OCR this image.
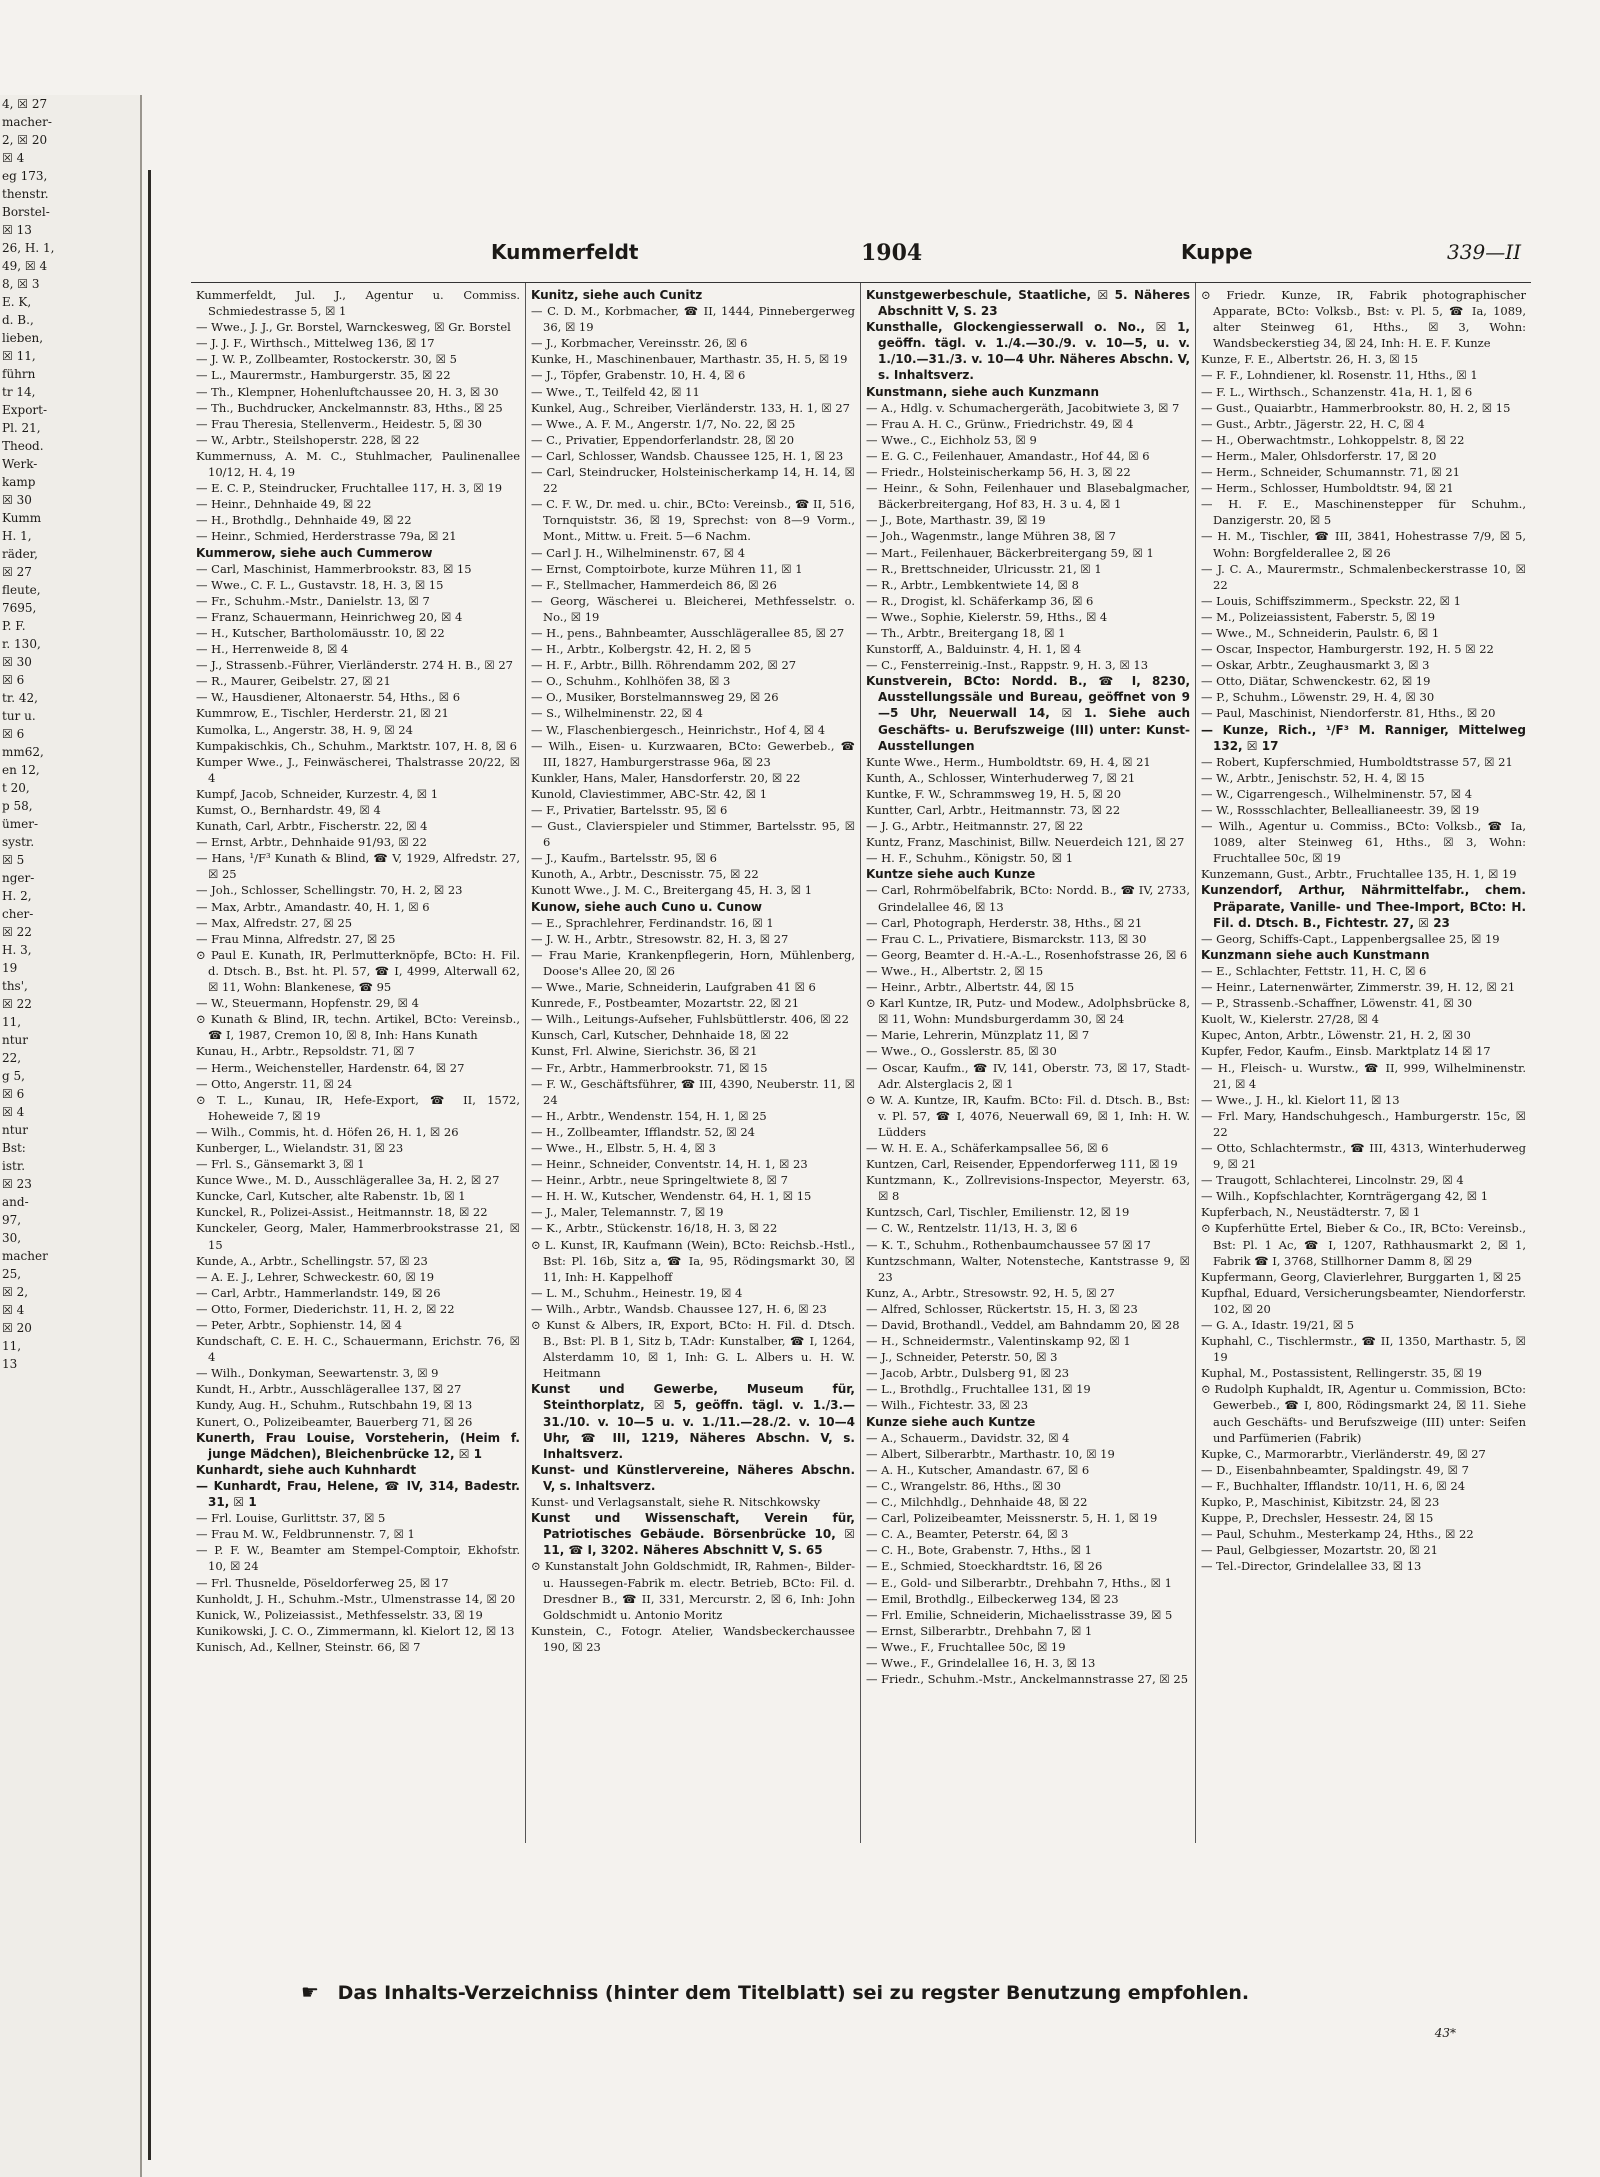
4, ☒ 27
macher-
2, ☒ 20
☒ 4
eg 173,
thenstr.
Borstel-
☒ 13
26, H. 1,
49, ☒ 4
8, ☒ 3
E. K,
d. B.,
lieben,
☒ 11,
führn
tr 14,
Export-
Pl. 21,
Theod.
Werk-
kamp
☒ 30
Kumm
H. 1,
räder,
☒ 27
fleute,
7695,
P. F.
r. 130,
☒ 30
☒ 6
tr. 42,
tur u.
☒ 6
mm62,
en 12,
t 20,
p 58,
ümer-
systr.
☒ 5
nger-
H. 2,
cher-
☒ 22
H. 3,
19
ths',
☒ 22
11,
ntur
22,
g 5,
☒ 6
☒ 4
ntur
Bst:
istr.
☒ 23
and-
97,
30,
macher
25,
☒ 2,
☒ 4
☒ 20
11,
13
Kummerfeldt	1904	Kuppe	339—II
Kummerfeldt, Jul. J., Agentur u. Commiss. Schmiedestrasse 5, ☒ 1
— Wwe., J. J., Gr. Borstel, Warnckesweg, ☒ Gr. Borstel
— J. J. F., Wirthsch., Mittelweg 136, ☒ 17
— J. W. P., Zollbeamter, Rostockerstr. 30, ☒ 5
— L., Maurermstr., Hamburgerstr. 35, ☒ 22
— Th., Klempner, Hohenluftchaussee 20, H. 3, ☒ 30
— Th., Buchdrucker, Anckelmannstr. 83, Hths., ☒ 25
— Frau Theresia, Stellenverm., Heidestr. 5, ☒ 30
— W., Arbtr., Steilshoperstr. 228, ☒ 22
Kummernuss, A. M. C., Stuhlmacher, Paulinenallee 10/12, H. 4, 19
— E. C. P., Steindrucker, Fruchtallee 117, H. 3, ☒ 19
— Heinr., Dehnhaide 49, ☒ 22
— H., Brothdlg., Dehnhaide 49, ☒ 22
— Heinr., Schmied, Herderstrasse 79a, ☒ 21
Kummerow, siehe auch Cummerow
— Carl, Maschinist, Hammerbrookstr. 83, ☒ 15
— Wwe., C. F. L., Gustavstr. 18, H. 3, ☒ 15
— Fr., Schuhm.-Mstr., Danielstr. 13, ☒ 7
— Franz, Schauermann, Heinrichweg 20, ☒ 4
— H., Kutscher, Bartholomäusstr. 10, ☒ 22
— H., Herrenweide 8, ☒ 4
— J., Strassenb.-Führer, Vierländerstr. 274 H. B., ☒ 27
— R., Maurer, Geibelstr. 27, ☒ 21
— W., Hausdiener, Altonaerstr. 54, Hths., ☒ 6
Kummrow, E., Tischler, Herderstr. 21, ☒ 21
Kumolka, L., Angerstr. 38, H. 9, ☒ 24
Kumpakischkis, Ch., Schuhm., Marktstr. 107, H. 8, ☒ 6
Kumper Wwe., J., Feinwäscherei, Thalstrasse 20/22, ☒ 4
Kumpf, Jacob, Schneider, Kurzestr. 4, ☒ 1
Kumst, O., Bernhardstr. 49, ☒ 4
Kunath, Carl, Arbtr., Fischerstr. 22, ☒ 4
— Ernst, Arbtr., Dehnhaide 91/93, ☒ 22
— Hans, ¹/F³ Kunath & Blind, ☎ V, 1929, Alfredstr. 27, ☒ 25
— Joh., Schlosser, Schellingstr. 70, H. 2, ☒ 23
— Max, Arbtr., Amandastr. 40, H. 1, ☒ 6
— Max, Alfredstr. 27, ☒ 25
— Frau Minna, Alfredstr. 27, ☒ 25
⊙ Paul E. Kunath, IR, Perlmutterknöpfe, BCto: H. Fil. d. Dtsch. B., Bst. ht. Pl. 57, ☎ I, 4999, Alterwall 62, ☒ 11, Wohn: Blankenese, ☎ 95
— W., Steuermann, Hopfenstr. 29, ☒ 4
⊙ Kunath & Blind, IR, techn. Artikel, BCto: Vereinsb., ☎ I, 1987, Cremon 10, ☒ 8, Inh: Hans Kunath
Kunau, H., Arbtr., Repsoldstr. 71, ☒ 7
— Herm., Weichensteller, Hardenstr. 64, ☒ 27
— Otto, Angerstr. 11, ☒ 24
⊙ T. L., Kunau, IR, Hefe-Export, ☎ II, 1572, Hoheweide 7, ☒ 19
— Wilh., Commis, ht. d. Höfen 26, H. 1, ☒ 26
Kunberger, L., Wielandstr. 31, ☒ 23
— Frl. S., Gänsemarkt 3, ☒ 1
Kunce Wwe., M. D., Ausschlägerallee 3a, H. 2, ☒ 27
Kuncke, Carl, Kutscher, alte Rabenstr. 1b, ☒ 1
Kunckel, R., Polizei-Assist., Heitmannstr. 18, ☒ 22
Kunckeler, Georg, Maler, Hammerbrookstrasse 21, ☒ 15
Kunde, A., Arbtr., Schellingstr. 57, ☒ 23
— A. E. J., Lehrer, Schweckestr. 60, ☒ 19
— Carl, Arbtr., Hammerlandstr. 149, ☒ 26
— Otto, Former, Diederichstr. 11, H. 2, ☒ 22
— Peter, Arbtr., Sophienstr. 14, ☒ 4
Kundschaft, C. E. H. C., Schauermann, Erichstr. 76, ☒ 4
— Wilh., Donkyman, Seewartenstr. 3, ☒ 9
Kundt, H., Arbtr., Ausschlägerallee 137, ☒ 27
Kundy, Aug. H., Schuhm., Rutschbahn 19, ☒ 13
Kunert, O., Polizeibeamter, Bauerberg 71, ☒ 26
Kunerth, Frau Louise, Vorsteherin, (Heim f. junge Mädchen), Bleichenbrücke 12, ☒ 1
Kunhardt, siehe auch Kuhnhardt
— Kunhardt, Frau, Helene, ☎ IV, 314, Badestr. 31, ☒ 1
— Frl. Louise, Gurlittstr. 37, ☒ 5
— Frau M. W., Feldbrunnenstr. 7, ☒ 1
— P. F. W., Beamter am Stempel-Comptoir, Ekhofstr. 10, ☒ 24
— Frl. Thusnelde, Pöseldorferweg 25, ☒ 17
Kunholdt, J. H., Schuhm.-Mstr., Ulmenstrasse 14, ☒ 20
Kunick, W., Polizeiassist., Methfesselstr. 33, ☒ 19
Kunikowski, J. C. O., Zimmermann, kl. Kielort 12, ☒ 13
Kunisch, Ad., Kellner, Steinstr. 66, ☒ 7
Kunitz, siehe auch Cunitz
— C. D. M., Korbmacher, ☎ II, 1444, Pinnebergerweg 36, ☒ 19
— J., Korbmacher, Vereinsstr. 26, ☒ 6
Kunke, H., Maschinenbauer, Marthastr. 35, H. 5, ☒ 19
— J., Töpfer, Grabenstr. 10, H. 4, ☒ 6
— Wwe., T., Teilfeld 42, ☒ 11
Kunkel, Aug., Schreiber, Vierländerstr. 133, H. 1, ☒ 27
— Wwe., A. F. M., Angerstr. 1/7, No. 22, ☒ 25
— C., Privatier, Eppendorferlandstr. 28, ☒ 20
— Carl, Schlosser, Wandsb. Chaussee 125, H. 1, ☒ 23
— Carl, Steindrucker, Holsteinischerkamp 14, H. 14, ☒ 22
— C. F. W., Dr. med. u. chir., BCto: Vereinsb., ☎ II, 516, Tornquiststr. 36, ☒ 19, Sprechst: von 8—9 Vorm., Mont., Mittw. u. Freit. 5—6 Nachm.
— Carl J. H., Wilhelminenstr. 67, ☒ 4
— Ernst, Comptoirbote, kurze Mühren 11, ☒ 1
— F., Stellmacher, Hammerdeich 86, ☒ 26
— Georg, Wäscherei u. Bleicherei, Methfesselstr. o. No., ☒ 19
— H., pens., Bahnbeamter, Ausschlägerallee 85, ☒ 27
— H., Arbtr., Kolbergstr. 42, H. 2, ☒ 5
— H. F., Arbtr., Billh. Röhrendamm 202, ☒ 27
— O., Schuhm., Kohlhöfen 38, ☒ 3
— O., Musiker, Borstelmannsweg 29, ☒ 26
— S., Wilhelminenstr. 22, ☒ 4
— W., Flaschenbiergesch., Heinrichstr., Hof 4, ☒ 4
— Wilh., Eisen- u. Kurzwaaren, BCto: Gewerbeb., ☎ III, 1827, Hamburgerstrasse 96a, ☒ 23
Kunkler, Hans, Maler, Hansdorferstr. 20, ☒ 22
Kunold, Claviestimmer, ABC-Str. 42, ☒ 1
— F., Privatier, Bartelsstr. 95, ☒ 6
— Gust., Clavierspieler und Stimmer, Bartelsstr. 95, ☒ 6
— J., Kaufm., Bartelsstr. 95, ☒ 6
Kunoth, A., Arbtr., Descnisstr. 75, ☒ 22
Kunott Wwe., J. M. C., Breitergang 45, H. 3, ☒ 1
Kunow, siehe auch Cuno u. Cunow
— E., Sprachlehrer, Ferdinandstr. 16, ☒ 1
— J. W. H., Arbtr., Stresowstr. 82, H. 3, ☒ 27
— Frau Marie, Krankenpflegerin, Horn, Mühlenberg, Doose's Allee 20, ☒ 26
— Wwe., Marie, Schneiderin, Laufgraben 41 ☒ 6
Kunrede, F., Postbeamter, Mozartstr. 22, ☒ 21
— Wilh., Leitungs-Aufseher, Fuhlsbüttlerstr. 406, ☒ 22
Kunsch, Carl, Kutscher, Dehnhaide 18, ☒ 22
Kunst, Frl. Alwine, Sierichstr. 36, ☒ 21
— Fr., Arbtr., Hammerbrookstr. 71, ☒ 15
— F. W., Geschäftsführer, ☎ III, 4390, Neuberstr. 11, ☒ 24
— H., Arbtr., Wendenstr. 154, H. 1, ☒ 25
— H., Zollbeamter, Ifflandstr. 52, ☒ 24
— Wwe., H., Elbstr. 5, H. 4, ☒ 3
— Heinr., Schneider, Conventstr. 14, H. 1, ☒ 23
— Heinr., Arbtr., neue Springeltwiete 8, ☒ 7
— H. H. W., Kutscher, Wendenstr. 64, H. 1, ☒ 15
— J., Maler, Telemannstr. 7, ☒ 19
— K., Arbtr., Stückenstr. 16/18, H. 3, ☒ 22
⊙ L. Kunst, IR, Kaufmann (Wein), BCto: Reichsb.-Hstl., Bst: Pl. 16b, Sitz a, ☎ Ia, 95, Rödingsmarkt 30, ☒ 11, Inh: H. Kappelhoff
— L. M., Schuhm., Heinestr. 19, ☒ 4
— Wilh., Arbtr., Wandsb. Chaussee 127, H. 6, ☒ 23
⊙ Kunst & Albers, IR, Export, BCto: H. Fil. d. Dtsch. B., Bst: Pl. B 1, Sitz b, T.Adr: Kunstalber, ☎ I, 1264, Alsterdamm 10, ☒ 1, Inh: G. L. Albers u. H. W. Heitmann
Kunst und Gewerbe, Museum für, Steinthorplatz, ☒ 5, geöffn. tägl. v. 1./3.—31./10. v. 10—5 u. v. 1./11.—28./2. v. 10—4 Uhr, ☎ III, 1219, Näheres Abschn. V, s. Inhaltsverz.
Kunst- und Künstlervereine, Näheres Abschn. V, s. Inhaltsverz.
Kunst- und Verlagsanstalt, siehe R. Nitschkowsky
Kunst und Wissenschaft, Verein für, Patriotisches Gebäude. Börsenbrücke 10, ☒ 11, ☎ I, 3202. Näheres Abschnitt V, S. 65
⊙ Kunstanstalt John Goldschmidt, IR, Rahmen-, Bilder- u. Haussegen-Fabrik m. electr. Betrieb, BCto: Fil. d. Dresdner B., ☎ II, 331, Mercurstr. 2, ☒ 6, Inh: John Goldschmidt u. Antonio Moritz
Kunstein, C., Fotogr. Atelier, Wandsbeckerchaussee 190, ☒ 23
Kunstgewerbeschule, Staatliche, ☒ 5. Näheres Abschnitt V, S. 23
Kunsthalle, Glockengiesserwall o. No., ☒ 1, geöffn. tägl. v. 1./4.—30./9. v. 10—5, u. v. 1./10.—31./3. v. 10—4 Uhr. Näheres Abschn. V, s. Inhaltsverz.
Kunstmann, siehe auch Kunzmann
— A., Hdlg. v. Schumachergeräth, Jacobitwiete 3, ☒ 7
— Frau A. H. C., Grünw., Friedrichstr. 49, ☒ 4
— Wwe., C., Eichholz 53, ☒ 9
— E. G. C., Feilenhauer, Amandastr., Hof 44, ☒ 6
— Friedr., Holsteinischerkamp 56, H. 3, ☒ 22
— Heinr., & Sohn, Feilenhauer und Blasebalgmacher, Bäckerbreitergang, Hof 83, H. 3 u. 4, ☒ 1
— J., Bote, Marthastr. 39, ☒ 19
— Joh., Wagenmstr., lange Mühren 38, ☒ 7
— Mart., Feilenhauer, Bäckerbreitergang 59, ☒ 1
— R., Brettschneider, Ulricusstr. 21, ☒ 1
— R., Arbtr., Lembkentwiete 14, ☒ 8
— R., Drogist, kl. Schäferkamp 36, ☒ 6
— Wwe., Sophie, Kielerstr. 59, Hths., ☒ 4
— Th., Arbtr., Breitergang 18, ☒ 1
Kunstorff, A., Balduinstr. 4, H. 1, ☒ 4
— C., Fensterreinig.-Inst., Rappstr. 9, H. 3, ☒ 13
Kunstverein, BCto: Nordd. B., ☎ I, 8230, Ausstellungssäle und Bureau, geöffnet von 9—5 Uhr, Neuerwall 14, ☒ 1. Siehe auch Geschäfts- u. Berufszweige (III) unter: Kunst-Ausstellungen
Kunte Wwe., Herm., Humboldtstr. 69, H. 4, ☒ 21
Kunth, A., Schlosser, Winterhuderweg 7, ☒ 21
Kuntke, F. W., Schrammsweg 19, H. 5, ☒ 20
Kuntter, Carl, Arbtr., Heitmannstr. 73, ☒ 22
— J. G., Arbtr., Heitmannstr. 27, ☒ 22
Kuntz, Franz, Maschinist, Billw. Neuerdeich 121, ☒ 27
— H. F., Schuhm., Königstr. 50, ☒ 1
Kuntze siehe auch Kunze
— Carl, Rohrmöbelfabrik, BCto: Nordd. B., ☎ IV, 2733, Grindelallee 46, ☒ 13
— Carl, Photograph, Herderstr. 38, Hths., ☒ 21
— Frau C. L., Privatiere, Bismarckstr. 113, ☒ 30
— Georg, Beamter d. H.-A.-L., Rosenhofstrasse 26, ☒ 6
— Wwe., H., Albertstr. 2, ☒ 15
— Heinr., Arbtr., Albertstr. 44, ☒ 15
⊙ Karl Kuntze, IR, Putz- und Modew., Adolphsbrücke 8, ☒ 11, Wohn: Mundsburgerdamm 30, ☒ 24
— Marie, Lehrerin, Münzplatz 11, ☒ 7
— Wwe., O., Gosslerstr. 85, ☒ 30
— Oscar, Kaufm., ☎ IV, 141, Oberstr. 73, ☒ 17, Stadt-Adr. Alsterglacis 2, ☒ 1
⊙ W. A. Kuntze, IR, Kaufm. BCto: Fil. d. Dtsch. B., Bst: v. Pl. 57, ☎ I, 4076, Neuerwall 69, ☒ 1, Inh: H. W. Lüdders
— W. H. E. A., Schäferkampsallee 56, ☒ 6
Kuntzen, Carl, Reisender, Eppendorferweg 111, ☒ 19
Kuntzmann, K., Zollrevisions-Inspector, Meyerstr. 63, ☒ 8
Kuntzsch, Carl, Tischler, Emilienstr. 12, ☒ 19
— C. W., Rentzelstr. 11/13, H. 3, ☒ 6
— K. T., Schuhm., Rothenbaumchaussee 57 ☒ 17
Kuntzschmann, Walter, Notensteche, Kantstrasse 9, ☒ 23
Kunz, A., Arbtr., Stresowstr. 92, H. 5, ☒ 27
— Alfred, Schlosser, Rückertstr. 15, H. 3, ☒ 23
— David, Brothandl., Veddel, am Bahndamm 20, ☒ 28
— H., Schneidermstr., Valentinskamp 92, ☒ 1
— J., Schneider, Peterstr. 50, ☒ 3
— Jacob, Arbtr., Dulsberg 91, ☒ 23
— L., Brothdlg., Fruchtallee 131, ☒ 19
— Wilh., Fichtestr. 33, ☒ 23
Kunze siehe auch Kuntze
— A., Schauerm., Davidstr. 32, ☒ 4
— Albert, Silberarbtr., Marthastr. 10, ☒ 19
— A. H., Kutscher, Amandastr. 67, ☒ 6
— C., Wrangelstr. 86, Hths., ☒ 30
— C., Milchhdlg., Dehnhaide 48, ☒ 22
— Carl, Polizeibeamter, Meissnerstr. 5, H. 1, ☒ 19
— C. A., Beamter, Peterstr. 64, ☒ 3
— C. H., Bote, Grabenstr. 7, Hths., ☒ 1
— E., Schmied, Stoeckhardtstr. 16, ☒ 26
— E., Gold- und Silberarbtr., Drehbahn 7, Hths., ☒ 1
— Emil, Brothdlg., Eilbeckerweg 134, ☒ 23
— Frl. Emilie, Schneiderin, Michaelisstrasse 39, ☒ 5
— Ernst, Silberarbtr., Drehbahn 7, ☒ 1
— Wwe., F., Fruchtallee 50c, ☒ 19
— Wwe., F., Grindelallee 16, H. 3, ☒ 13
— Friedr., Schuhm.-Mstr., Anckelmannstrasse 27, ☒ 25
⊙ Friedr. Kunze, IR, Fabrik photographischer Apparate, BCto: Volksb., Bst: v. Pl. 5, ☎ Ia, 1089, alter Steinweg 61, Hths., ☒ 3, Wohn: Wandsbeckerstieg 34, ☒ 24, Inh: H. E. F. Kunze
Kunze, F. E., Albertstr. 26, H. 3, ☒ 15
— F. F., Lohndiener, kl. Rosenstr. 11, Hths., ☒ 1
— F. L., Wirthsch., Schanzenstr. 41a, H. 1, ☒ 6
— Gust., Quaiarbtr., Hammerbrookstr. 80, H. 2, ☒ 15
— Gust., Arbtr., Jägerstr. 22, H. C, ☒ 4
— H., Oberwachtmstr., Lohkoppelstr. 8, ☒ 22
— Herm., Maler, Ohlsdorferstr. 17, ☒ 20
— Herm., Schneider, Schumannstr. 71, ☒ 21
— Herm., Schlosser, Humboldtstr. 94, ☒ 21
— H. F. E., Maschinenstepper für Schuhm., Danzigerstr. 20, ☒ 5
— H. M., Tischler, ☎ III, 3841, Hohestrasse 7/9, ☒ 5, Wohn: Borgfelderallee 2, ☒ 26
— J. C. A., Maurermstr., Schmalenbeckerstrasse 10, ☒ 22
— Louis, Schiffszimmerm., Speckstr. 22, ☒ 1
— M., Polizeiassistent, Faberstr. 5, ☒ 19
— Wwe., M., Schneiderin, Paulstr. 6, ☒ 1
— Oscar, Inspector, Hamburgerstr. 192, H. 5 ☒ 22
— Oskar, Arbtr., Zeughausmarkt 3, ☒ 3
— Otto, Diätar, Schwenckestr. 62, ☒ 19
— P., Schuhm., Löwenstr. 29, H. 4, ☒ 30
— Paul, Maschinist, Niendorferstr. 81, Hths., ☒ 20
— Kunze, Rich., ¹/F³ M. Ranniger, Mittelweg 132, ☒ 17
— Robert, Kupferschmied, Humboldtstrasse 57, ☒ 21
— W., Arbtr., Jenischstr. 52, H. 4, ☒ 15
— W., Cigarrengesch., Wilhelminenstr. 57, ☒ 4
— W., Rossschlachter, Belleallianeestr. 39, ☒ 19
— Wilh., Agentur u. Commiss., BCto: Volksb., ☎ Ia, 1089, alter Steinweg 61, Hths., ☒ 3, Wohn: Fruchtallee 50c, ☒ 19
Kunzemann, Gust., Arbtr., Fruchtallee 135, H. 1, ☒ 19
Kunzendorf, Arthur, Nährmittelfabr., chem. Präparate, Vanille- und Thee-Import, BCto: H. Fil. d. Dtsch. B., Fichtestr. 27, ☒ 23
— Georg, Schiffs-Capt., Lappenbergsallee 25, ☒ 19
Kunzmann siehe auch Kunstmann
— E., Schlachter, Fettstr. 11, H. C, ☒ 6
— Heinr., Laternenwärter, Zimmerstr. 39, H. 12, ☒ 21
— P., Strassenb.-Schaffner, Löwenstr. 41, ☒ 30
Kuolt, W., Kielerstr. 27/28, ☒ 4
Kupec, Anton, Arbtr., Löwenstr. 21, H. 2, ☒ 30
Kupfer, Fedor, Kaufm., Einsb. Marktplatz 14 ☒ 17
— H., Fleisch- u. Wurstw., ☎ II, 999, Wilhelminenstr. 21, ☒ 4
— Wwe., J. H., kl. Kielort 11, ☒ 13
— Frl. Mary, Handschuhgesch., Hamburgerstr. 15c, ☒ 22
— Otto, Schlachtermstr., ☎ III, 4313, Winterhuderweg 9, ☒ 21
— Traugott, Schlachterei, Lincolnstr. 29, ☒ 4
— Wilh., Kopfschlachter, Kornträgergang 42, ☒ 1
Kupferbach, N., Neustädterstr. 7, ☒ 1
⊙ Kupferhütte Ertel, Bieber & Co., IR, BCto: Vereinsb., Bst: Pl. 1 Ac, ☎ I, 1207, Rathhausmarkt 2, ☒ 1, Fabrik ☎ I, 3768, Stillhorner Damm 8, ☒ 29
Kupfermann, Georg, Clavierlehrer, Burggarten 1, ☒ 25
Kupfhal, Eduard, Versicherungsbeamter, Niendorferstr. 102, ☒ 20
— G. A., Idastr. 19/21, ☒ 5
Kuphahl, C., Tischlermstr., ☎ II, 1350, Marthastr. 5, ☒ 19
Kuphal, M., Postassistent, Rellingerstr. 35, ☒ 19
⊙ Rudolph Kuphaldt, IR, Agentur u. Commission, BCto: Gewerbeb., ☎ I, 800, Rödingsmarkt 24, ☒ 11. Siehe auch Geschäfts- und Berufszweige (III) unter: Seifen und Parfümerien (Fabrik)
Kupke, C., Marmorarbtr., Vierländerstr. 49, ☒ 27
— D., Eisenbahnbeamter, Spaldingstr. 49, ☒ 7
— F., Buchhalter, Ifflandstr. 10/11, H. 6, ☒ 24
Kupko, P., Maschinist, Kibitzstr. 24, ☒ 23
Kuppe, P., Drechsler, Hessestr. 24, ☒ 15
— Paul, Schuhm., Mesterkamp 24, Hths., ☒ 22
— Paul, Gelbgiesser, Mozartstr. 20, ☒ 21
— Tel.-Director, Grindelallee 33, ☒ 13
☛ Das Inhalts-Verzeichniss (hinter dem Titelblatt) sei zu regster Benutzung empfohlen.
43*
